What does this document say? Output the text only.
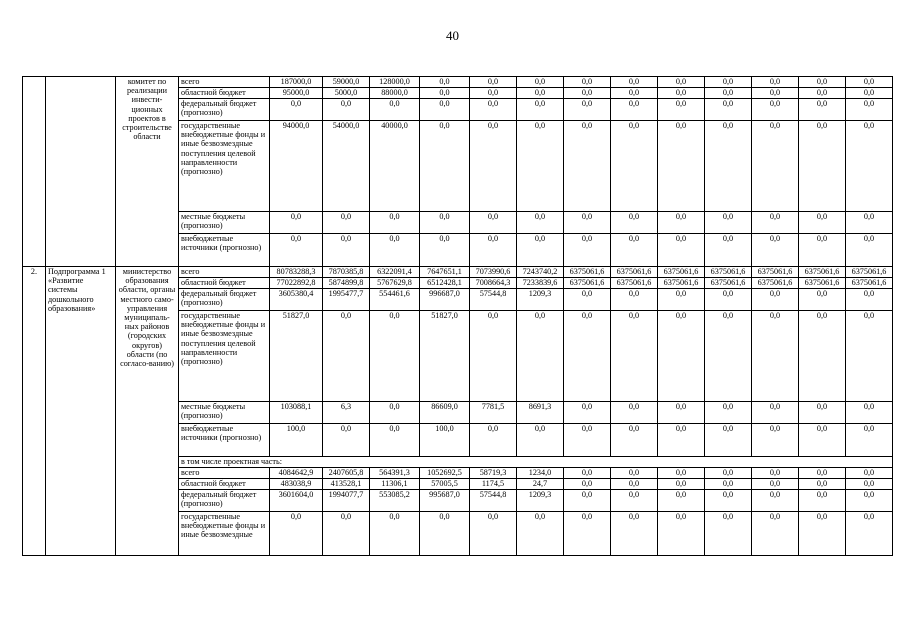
40
		комитет по реализации инвести-ционных проектов в строительстве области	всего	187000,0	59000,0	128000,0	0,0	0,0	0,0	0,0	0,0	0,0	0,0	0,0	0,0	0,0
			областной бюджет	95000,0	5000,0	88000,0	0,0	0,0	0,0	0,0	0,0	0,0	0,0	0,0	0,0	0,0
			федеральный бюджет (прогнозно)	0,0	0,0	0,0	0,0	0,0	0,0	0,0	0,0	0,0	0,0	0,0	0,0	0,0
			государственные внебюджетные фонды и иные безвозмездные поступления целевой направленности (прогнозно)	94000,0	54000,0	40000,0	0,0	0,0	0,0	0,0	0,0	0,0	0,0	0,0	0,0	0,0
			местные бюджеты (прогнозно)	0,0	0,0	0,0	0,0	0,0	0,0	0,0	0,0	0,0	0,0	0,0	0,0	0,0
			внебюджетные источники (прогнозно)	0,0	0,0	0,0	0,0	0,0	0,0	0,0	0,0	0,0	0,0	0,0	0,0	0,0
2.	Подпрограмма 1 «Развитие системы дошкольного образования»	министерство образования области, органы местного само-управления муниципаль-ных районов (городских округов) области (по согласо-ванию)	всего	80783288,3	7870385,8	6322091,4	7647651,1	7073990,6	7243740,2	6375061,6	6375061,6	6375061,6	6375061,6	6375061,6	6375061,6	6375061,6
			областной бюджет	77022892,8	5874899,8	5767629,8	6512428,1	7008664,3	7233839,6	6375061,6	6375061,6	6375061,6	6375061,6	6375061,6	6375061,6	6375061,6
			федеральный бюджет (прогнозно)	3605380,4	1995477,7	554461,6	996687,0	57544,8	1209,3	0,0	0,0	0,0	0,0	0,0	0,0	0,0
			государственные внебюджетные фонды и иные безвозмездные поступления целевой направленности (прогнозно)	51827,0	0,0	0,0	51827,0	0,0	0,0	0,0	0,0	0,0	0,0	0,0	0,0	0,0
			местные бюджеты (прогнозно)	103088,1	6,3	0,0	86609,0	7781,5	8691,3	0,0	0,0	0,0	0,0	0,0	0,0	0,0
			внебюджетные источники (прогнозно)	100,0	0,0	0,0	100,0	0,0	0,0	0,0	0,0	0,0	0,0	0,0	0,0	0,0
			в том числе проектная часть:													
			всего	4084642,9	2407605,8	564391,3	1052692,5	58719,3	1234,0	0,0	0,0	0,0	0,0	0,0	0,0	0,0
			областной бюджет	483038,9	413528,1	11306,1	57005,5	1174,5	24,7	0,0	0,0	0,0	0,0	0,0	0,0	0,0
			федеральный бюджет (прогнозно)	3601604,0	1994077,7	553085,2	995687,0	57544,8	1209,3	0,0	0,0	0,0	0,0	0,0	0,0	0,0
			государственные внебюджетные фонды и иные безвозмездные	0,0	0,0	0,0	0,0	0,0	0,0	0,0	0,0	0,0	0,0	0,0	0,0	0,0
